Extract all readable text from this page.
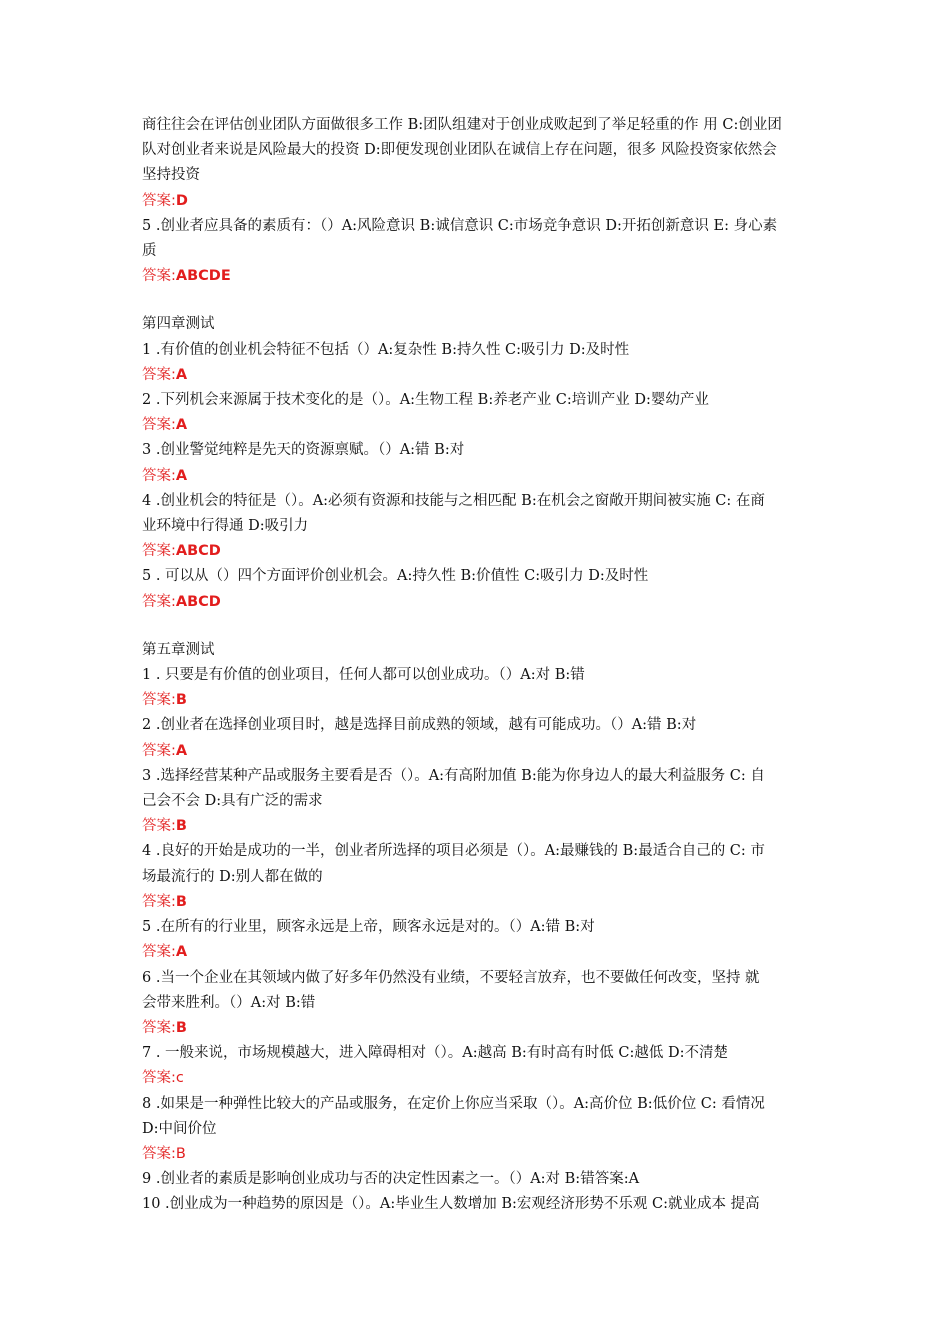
商往往会在评估创业团队方面做很多工作 B:团队组建对于创业成败起到了举足轻重的作 用 C:创业团
队对创业者来说是风险最大的投资 D:即便发现创业团队在诚信上存在问题，很多 风险投资家依然会
坚持投资
答案:D
5 .创业者应具备的素质有：（）A:风险意识 B:诚信意识 C:市场竞争意识 D:开拓创新意识 E: 身心素
质
答案:ABCDE
第四章测试
1 .有价值的创业机会特征不包括（）A:复杂性 B:持久性 C:吸引力 D:及时性
答案:A
2 .下列机会来源属于技术变化的是（）。A:生物工程 B:养老产业 C:培训产业 D:婴幼产业
答案:A
3 .创业警觉纯粹是先天的资源禀赋。（）A:错 B:对
答案:A
4 .创业机会的特征是（）。A:必须有资源和技能与之相匹配 B:在机会之窗敞开期间被实施 C: 在商
业环境中行得通 D:吸引力
答案:ABCD
5 . 可以从（）四个方面评价创业机会。A:持久性 B:价值性 C:吸引力 D:及时性
答案:ABCD
第五章测试
1 . 只要是有价值的创业项目，任何人都可以创业成功。（）A:对 B:错
答案:B
2 .创业者在选择创业项目时，越是选择目前成熟的领域，越有可能成功。（）A:错 B:对
答案:A
3 .选择经营某种产品或服务主要看是否（）。A:有高附加值 B:能为你身边人的最大利益服务 C: 自
己会不会 D:具有广泛的需求
答案:B
4 .良好的开始是成功的一半，创业者所选择的项目必须是（）。A:最赚钱的 B:最适合自己的 C: 市
场最流行的 D:别人都在做的
答案:B
5 .在所有的行业里，顾客永远是上帝，顾客永远是对的。（）A:错 B:对
答案:A
6 .当一个企业在其领域内做了好多年仍然没有业绩，不要轻言放弃，也不要做任何改变，坚持 就
会带来胜利。（）A:对 B:错
答案:B
7 . 一般来说，市场规模越大，进入障碍相对（）。A:越高 B:有时高有时低 C:越低 D:不清楚
答案:c
8 .如果是一种弹性比较大的产品或服务，在定价上你应当采取（）。A:高价位 B:低价位 C: 看情况
D:中间价位
答案:B
9 .创业者的素质是影响创业成功与否的决定性因素之一。（）A:对 B:错答案:A
10 .创业成为一种趋势的原因是（）。A:毕业生人数增加 B:宏观经济形势不乐观 C:就业成本 提高
